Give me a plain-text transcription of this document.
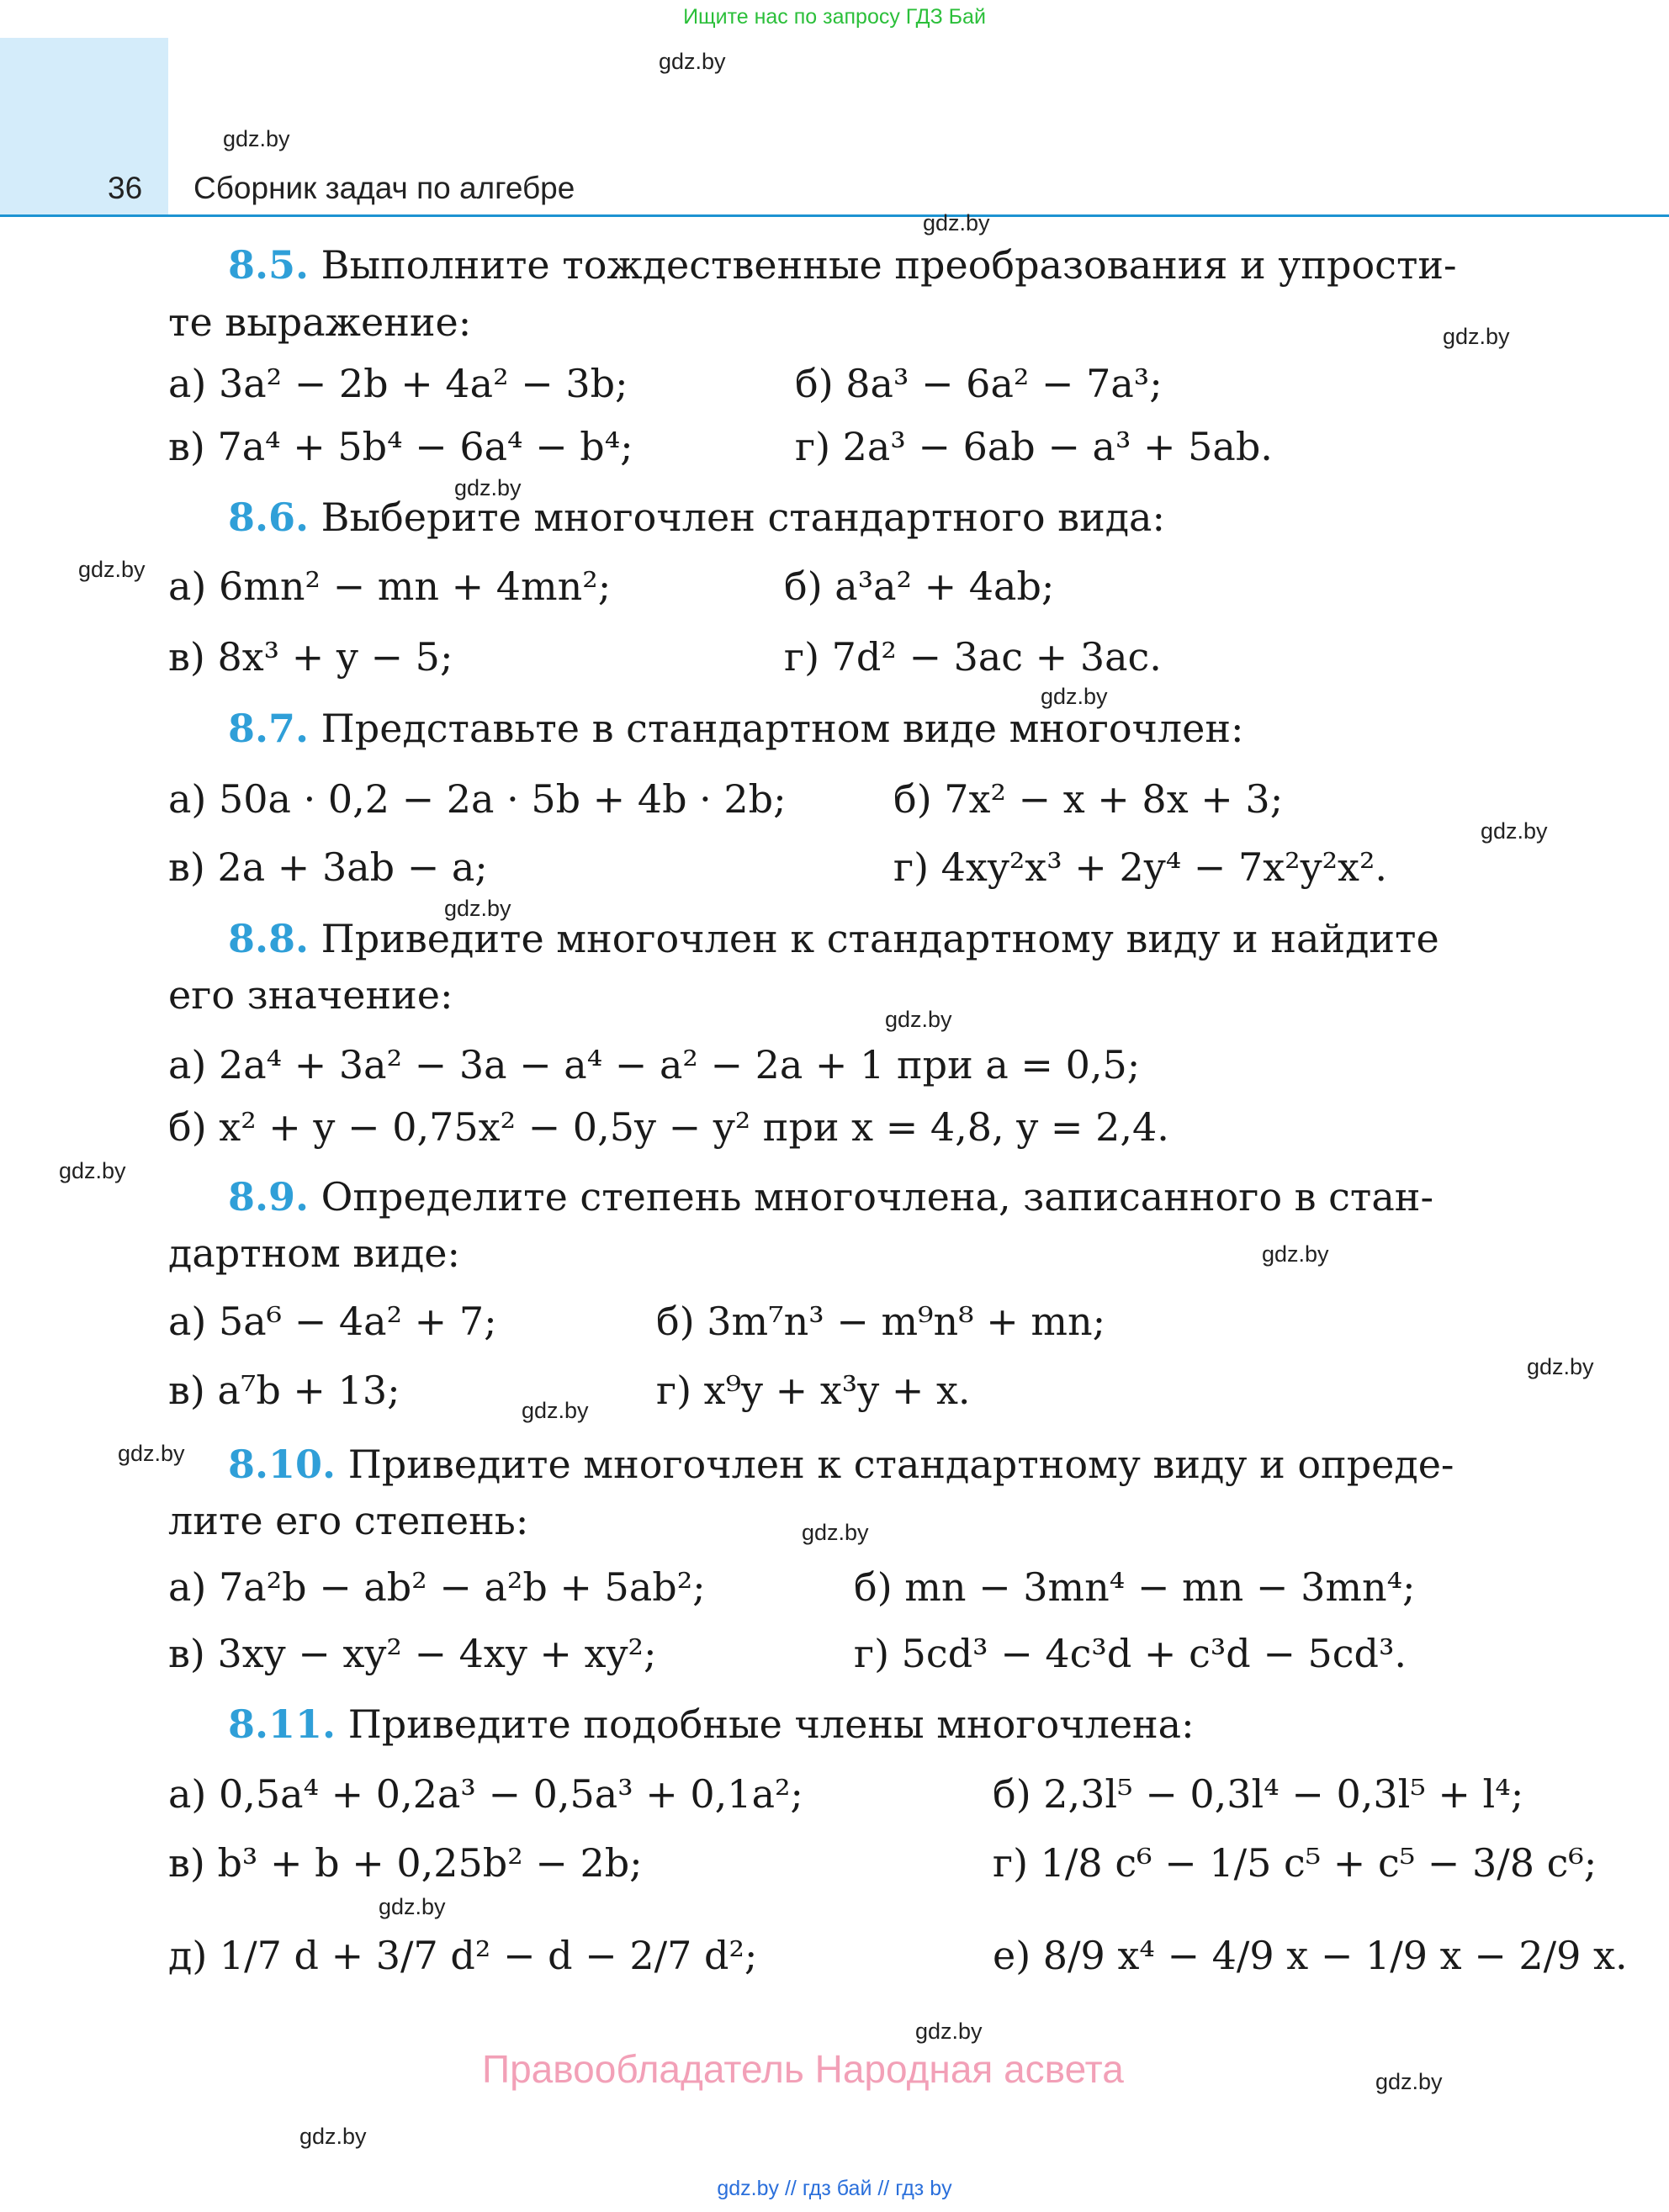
Ищите нас по запросу ГДЗ Бай
36 Сборник задач по алгебре
gdz.by
gdz.by
gdz.by
gdz.by
gdz.by
gdz.by
gdz.by
gdz.by
gdz.by
gdz.by
gdz.by
gdz.by
gdz.by
gdz.by
gdz.by
gdz.by
gdz.by
gdz.by
gdz.by
gdz.by
8.5. Выполните тождественные преобразования и упрости-
те выражение:
а) 3a² − 2b + 4a² − 3b;	б) 8a³ − 6a² − 7a³;
в) 7a⁴ + 5b⁴ − 6a⁴ − b⁴;	г) 2a³ − 6ab − a³ + 5ab.
8.6. Выберите многочлен стандартного вида:
а) 6mn² − mn + 4mn²;	б) a³a² + 4ab;
в) 8x³ + y − 5;	г) 7d² − 3ac + 3ac.
8.7. Представьте в стандартном виде многочлен:
а) 50a · 0,2 − 2a · 5b + 4b · 2b;	б) 7x² − x + 8x + 3;
в) 2a + 3ab − a;	г) 4xy²x³ + 2y⁴ − 7x²y²x².
8.8. Приведите многочлен к стандартному виду и найдите
его значение:
а) 2a⁴ + 3a² − 3a − a⁴ − a² − 2a + 1 при a = 0,5;
б) x² + y − 0,75x² − 0,5y − y² при x = 4,8, y = 2,4.
8.9. Определите степень многочлена, записанного в стан-
дартном виде:
а) 5a⁶ − 4a² + 7;	б) 3m⁷n³ − m⁹n⁸ + mn;
в) a⁷b + 13;	г) x⁹y + x³y + x.
8.10. Приведите многочлен к стандартному виду и опреде-
лите его степень:
а) 7a²b − ab² − a²b + 5ab²;	б) mn − 3mn⁴ − mn − 3mn⁴;
в) 3xy − xy² − 4xy + xy²;	г) 5cd³ − 4c³d + c³d − 5cd³.
8.11. Приведите подобные члены многочлена:
а) 0,5a⁴ + 0,2a³ − 0,5a³ + 0,1a²;	б) 2,3l⁵ − 0,3l⁴ − 0,3l⁵ + l⁴;
в) b³ + b + 0,25b² − 2b;	г) 1/8 c⁶ − 1/5 c⁵ + c⁵ − 3/8 c⁶;
д) 1/7 d + 3/7 d² − d − 2/7 d²;	е) 8/9 x⁴ − 4/9 x − 1/9 x − 2/9 x.
Правообладатель Народная асвета
gdz.by // гдз бай // гдз by
